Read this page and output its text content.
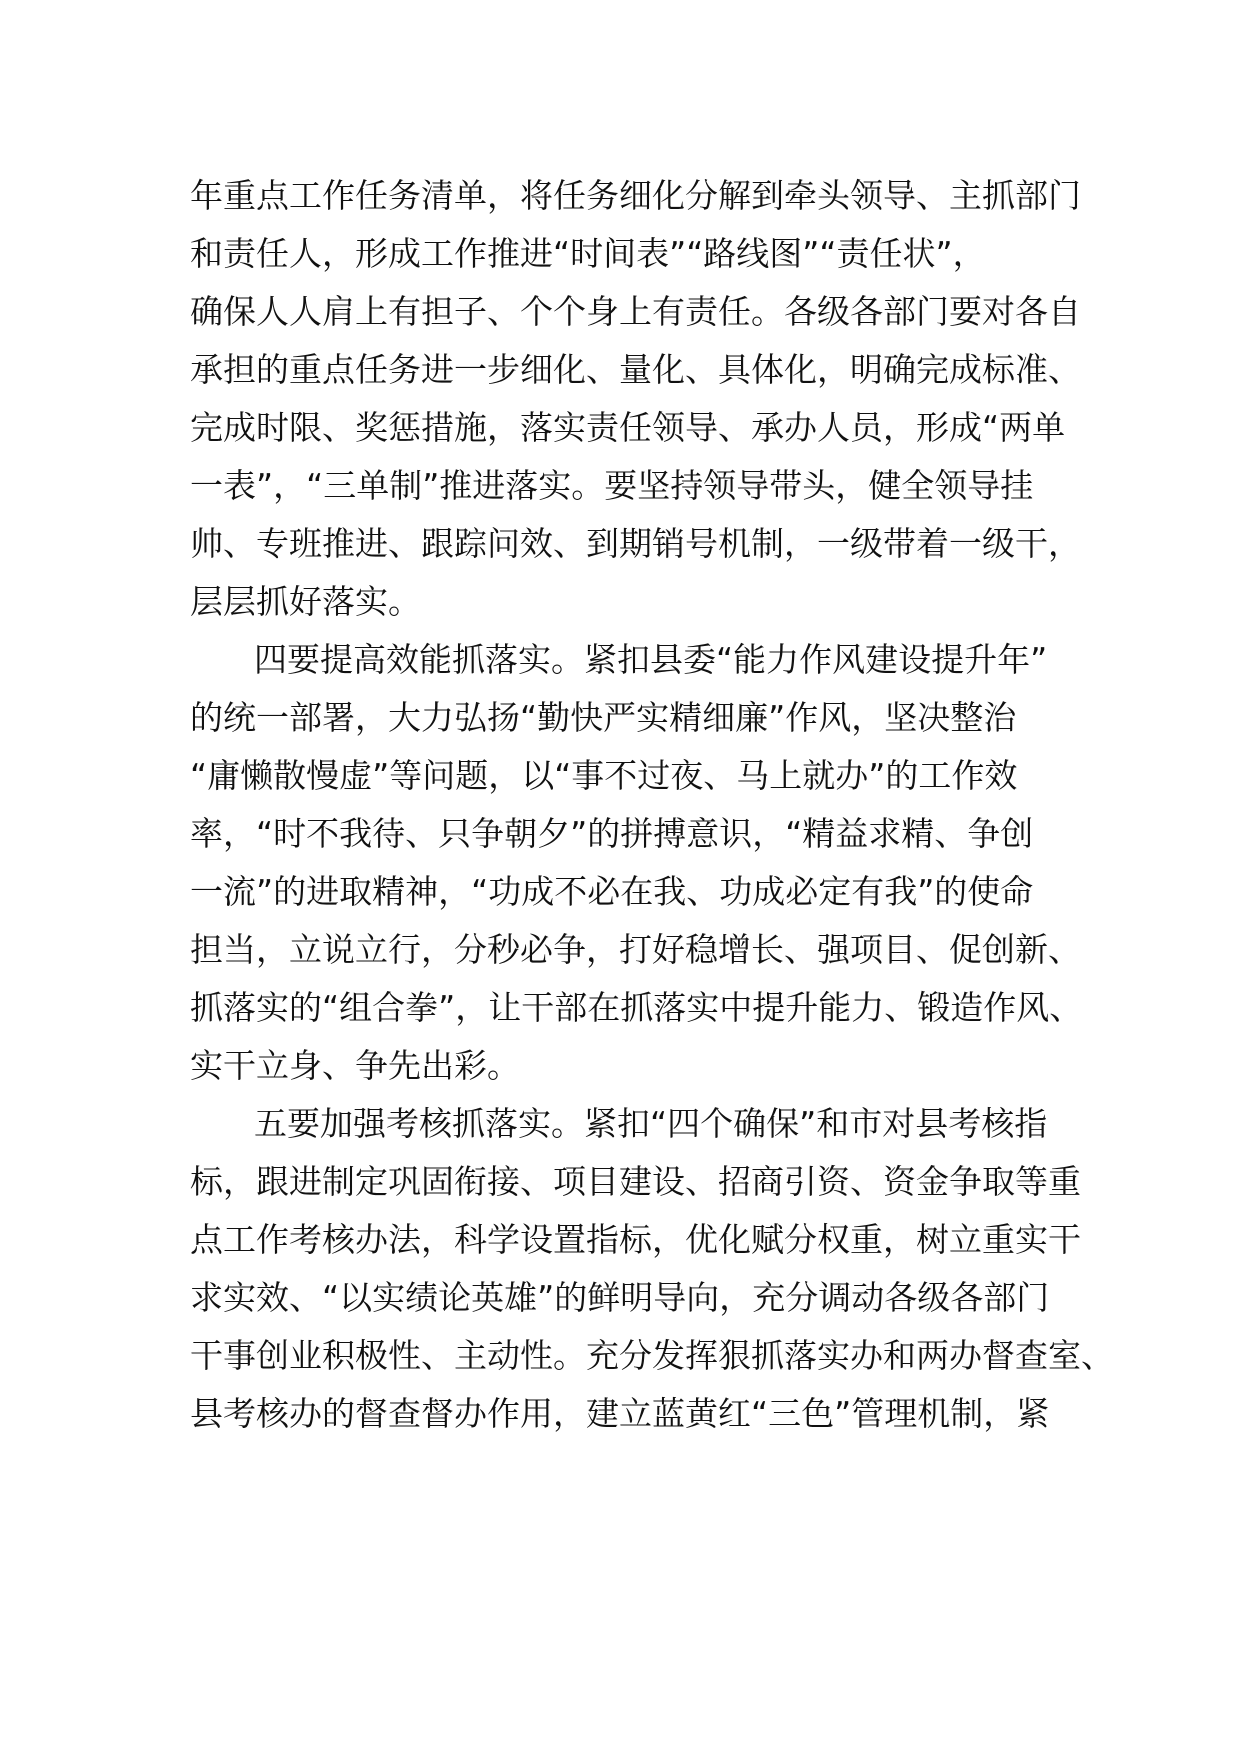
年重点工作任务清单，将任务细化分解到牵头领导、主抓部门
和责任人，形成工作推进“时间表”“路线图”“责任状”，
确保人人肩上有担子、个个身上有责任。各级各部门要对各自
承担的重点任务进一步细化、量化、具体化，明确完成标准、
完成时限、奖惩措施，落实责任领导、承办人员，形成“两单
一表”，“三单制”推进落实。要坚持领导带头，健全领导挂
帅、专班推进、跟踪问效、到期销号机制，一级带着一级干，
层层抓好落实。
四要提高效能抓落实。紧扣县委“能力作风建设提升年”
的统一部署，大力弘扬“勤快严实精细廉”作风，坚决整治
“庸懒散慢虚”等问题，以“事不过夜、马上就办”的工作效
率，“时不我待、只争朝夕”的拼搏意识，“精益求精、争创
一流”的进取精神，“功成不必在我、功成必定有我”的使命
担当，立说立行，分秒必争，打好稳增长、强项目、促创新、
抓落实的“组合拳”，让干部在抓落实中提升能力、锻造作风、
实干立身、争先出彩。
五要加强考核抓落实。紧扣“四个确保”和市对县考核指
标，跟进制定巩固衔接、项目建设、招商引资、资金争取等重
点工作考核办法，科学设置指标，优化赋分权重，树立重实干
求实效、“以实绩论英雄”的鲜明导向，充分调动各级各部门
干事创业积极性、主动性。充分发挥狠抓落实办和两办督查室、
县考核办的督查督办作用，建立蓝黄红“三色”管理机制，紧
